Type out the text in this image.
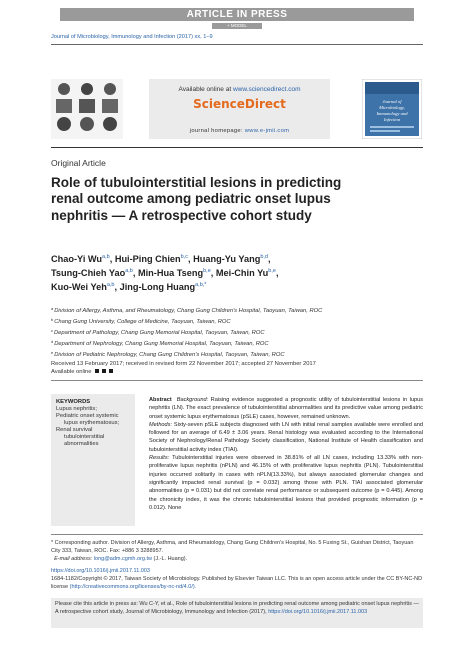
ARTICLE IN PRESS
+ MODEL
Journal of Microbiology, Immunology and Infection (2017) xx, 1–9
Available online at www.sciencedirect.com
ScienceDirect
journal homepage: www.e-jmii.com
Journal of
Microbiology,
Immunology and
Infection
Original Article
Role of tubulointerstitial lesions in predicting renal outcome among pediatric onset lupus nephritis — A retrospective cohort study
Chao-Yi Wu$^{a,b}$, Hui-Ping Chien$^{b,c}$, Huang-Yu Yang$^{b,d}$,
Tsung-Chieh Yao$^{a,b}$, Min-Hua Tseng$^{b,e}$, Mei-Chin Yu$^{b,e}$,
Kuo-Wei Yeh$^{a,b}$, Jing-Long Huang$^{a,b,*}$
$^a$Division of Allergy, Asthma, and Rheumatology, Chang Gung Children's Hospital, Taoyuan, Taiwan, ROC
$^b$Chang Gung University, College of Medicine, Taoyuan, Taiwan, ROC
$^c$Department of Pathology, Chang Gung Memorial Hospital, Taoyuan, Taiwan, ROC
$^d$Department of Nephrology, Chang Gung Memorial Hospital, Taoyuan, Taiwan, ROC
$^e$Division of Pediatric Nephrology, Chang Gung Children's Hospital, Taoyuan, Taiwan, ROC
Received 13 February 2017; received in revised form 22 November 2017; accepted 27 November 2017
Available online
KEYWORDS
Lupus nephritis;
Pediatric onset systemic lupus erythematosus;
Renal survival tubulointerstitial abnormalities

Abstract Background: Raising evidence suggested a prognostic utility of tubulointerstitial lesions in lupus nephritis (LN). The exact prevalence of tubulointerstitial abnormalities and its predictive value among pediatric onset systemic lupus erythematosus (pSLE) cases, however, remained unknown.

Methods: Sixty-seven pSLE subjects diagnosed with LN with initial renal samples available were enrolled and followed for an average of 6.49 ± 3.06 years. Renal histology was evaluated according to the International Society of Nephrology/Renal Pathology Society classification, National Institute of Health classification and tubulointerstitial activity index (TIAI).

Results: Tubulointerstitial injuries were observed in 38.81% of all LN cases, including 13.33% with non-proliferative lupus nephritis (nPLN) and 46.15% of with proliferative lupus nephritis (PLN). Tubulointerstitial injuries occurred solitarily in cases with nPLN(13.33%), but always associated glomerular changes and significantly impacted renal survival (p = 0.032) among those with PLN. TIAI associated glomerular abnormalities (p = 0.031) but did not correlate renal performance or subsequent outcome (p = 0.445). Among the chronicity index, it was the chronic tubulointerstitial lesions that provided prognostic information (p = 0.012). None

* Corresponding author. Division of Allergy, Asthma, and Rheumatology, Chang Gung Children's Hospital, No. 5 Fuxing St., Guishan District, Taoyuan City 333, Taiwan, ROC. Fax: +886 3 3288957.
E-mail address: long@adm.cgmh.org.tw (J.-L. Huang).
https://doi.org/10.1016/j.jmii.2017.11.003
1684-1182/Copyright © 2017, Taiwan Society of Microbiology. Published by Elsevier Taiwan LLC. This is an open access article under the CC BY-NC-ND license (http://creativecommons.org/licenses/by-nc-nd/4.0/).
Please cite this article in press as: Wu C-Y, et al., Role of tubulointerstitial lesions in predicting renal outcome among pediatric onset lupus nephritis — A retrospective cohort study, Journal of Microbiology, Immunology and Infection (2017), https://doi.org/10.1016/j.jmii.2017.11.003
